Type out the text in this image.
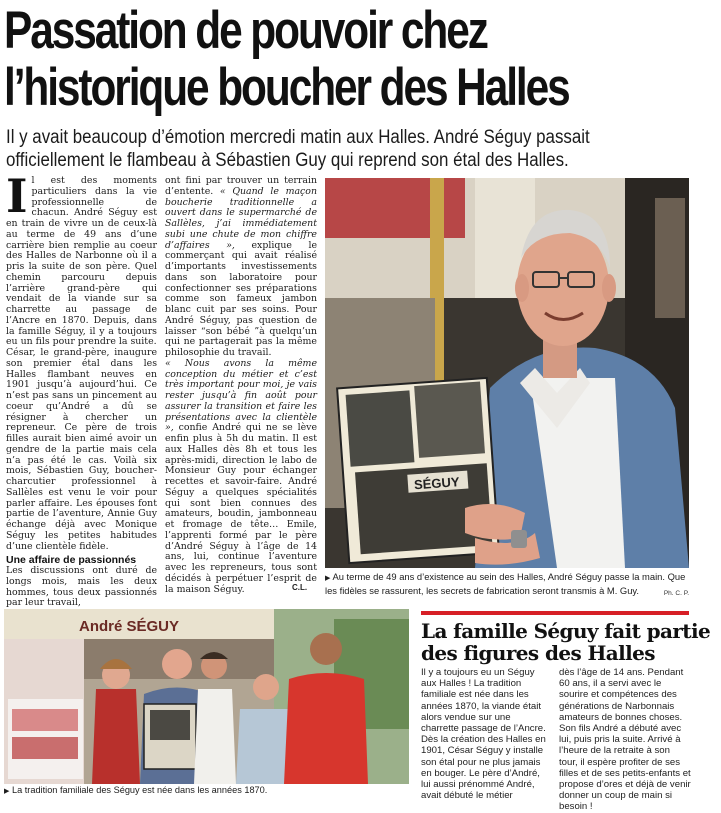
Passation de pouvoir chez
l’historique boucher des Halles
Il y avait beaucoup d’émotion mercredi matin aux Halles. André Séguy passait officiellement le flambeau à Sébastien Guy qui reprend son étal des Halles.

Il est des moments particuliers dans la vie professionnelle de chacun. André Séguy est en train de vivre un de ceux-là au terme de 49 ans d’une carrière bien remplie au coeur des Halles de Narbonne où il a pris la suite de son père. Quel chemin parcouru depuis l’arrière grand-père qui vendait de la viande sur sa charrette au passage de l’Ancre en 1870. Depuis, dans la famille Séguy, il y a toujours eu un fils pour prendre la suite.

César, le grand-père, inaugure son premier étal dans les Halles flambant neuves en 1901 jusqu’à aujourd’hui. Ce n’est pas sans un pincement au coeur qu’André a dû se résigner à chercher un repreneur. Ce père de trois filles aurait bien aimé avoir un gendre de la partie mais cela n’a pas été le cas. Voilà six mois, Sébastien Guy, boucher-charcutier professionnel à Sallèles est venu le voir pour parler affaire. Les épouses font partie de l’aventure, Annie Guy échange déjà avec Monique Séguy les petites habitudes d’une clientèle fidèle.

Une affaire de passionnés

Les discussions ont duré de longs mois, mais les deux hommes, tous deux passionnés par leur travail,

ont fini par trouver un terrain d’entente. « Quand le maçon boucherie traditionnelle a ouvert dans le supermarché de Sallèles, j’ai immédiatement subi une chute de mon chiffre d’affaires », explique le commerçant qui avait réalisé d’importants investissements dans son laboratoire pour confectionner ses préparations comme son fameux jambon blanc cuit par ses soins. Pour André Séguy, pas question de laisser “son bébé ”à quelqu’un qui ne partagerait pas la même philosophie du travail.

« Nous avons la même conception du métier et c’est très important pour moi, je vais rester jusqu’à fin août pour assurer la transition et faire les présentations avec la clientèle », confie André qui ne se lève enfin plus à 5h du matin. Il est aux Halles dès 8h et tous les après-midi, direction le labo de Monsieur Guy pour échanger recettes et savoir-faire. André Séguy a quelques spécialités qui sont bien connues des amateurs, boudin, jambonneau et fromage de tête… Emile, l’apprenti formé par le père d’André Séguy à l’âge de 14 ans, lui, continue l’aventure avec les repreneurs, tous sont décidés à perpétuer l’esprit de la maison Séguy.	C.L.
SÉGUY
▶ Au terme de 49 ans d’existence au sein des Halles, André Séguy passe la main. Que les fidèles se rassurent, les secrets de fabrication seront transmis à M. Guy.	Ph. C. P.
André SÉGUY
▶ La tradition familiale des Séguy est née dans les années 1870.
La famille Séguy fait partie des figures des Halles
Il y a toujours eu un Séguy aux Halles ! La tradition familiale est née dans les années 1870, la viande était alors vendue sur une charrette passage de l’Ancre. Dès la création des Halles en 1901, César Séguy y installe son étal pour ne plus jamais en bouger. Le père d’André, lui aussi prénommé André, avait débuté le métier
dès l’âge de 14 ans. Pendant 60 ans, il a servi avec le sourire et compétences des générations de Narbonnais amateurs de bonnes choses. Son fils André a débuté avec lui, puis pris la suite. Arrivé à l’heure de la retraite à son tour, il espère profiter de ses filles et de ses petits-enfants et propose d’ores et déjà de venir donner un coup de main si besoin !
